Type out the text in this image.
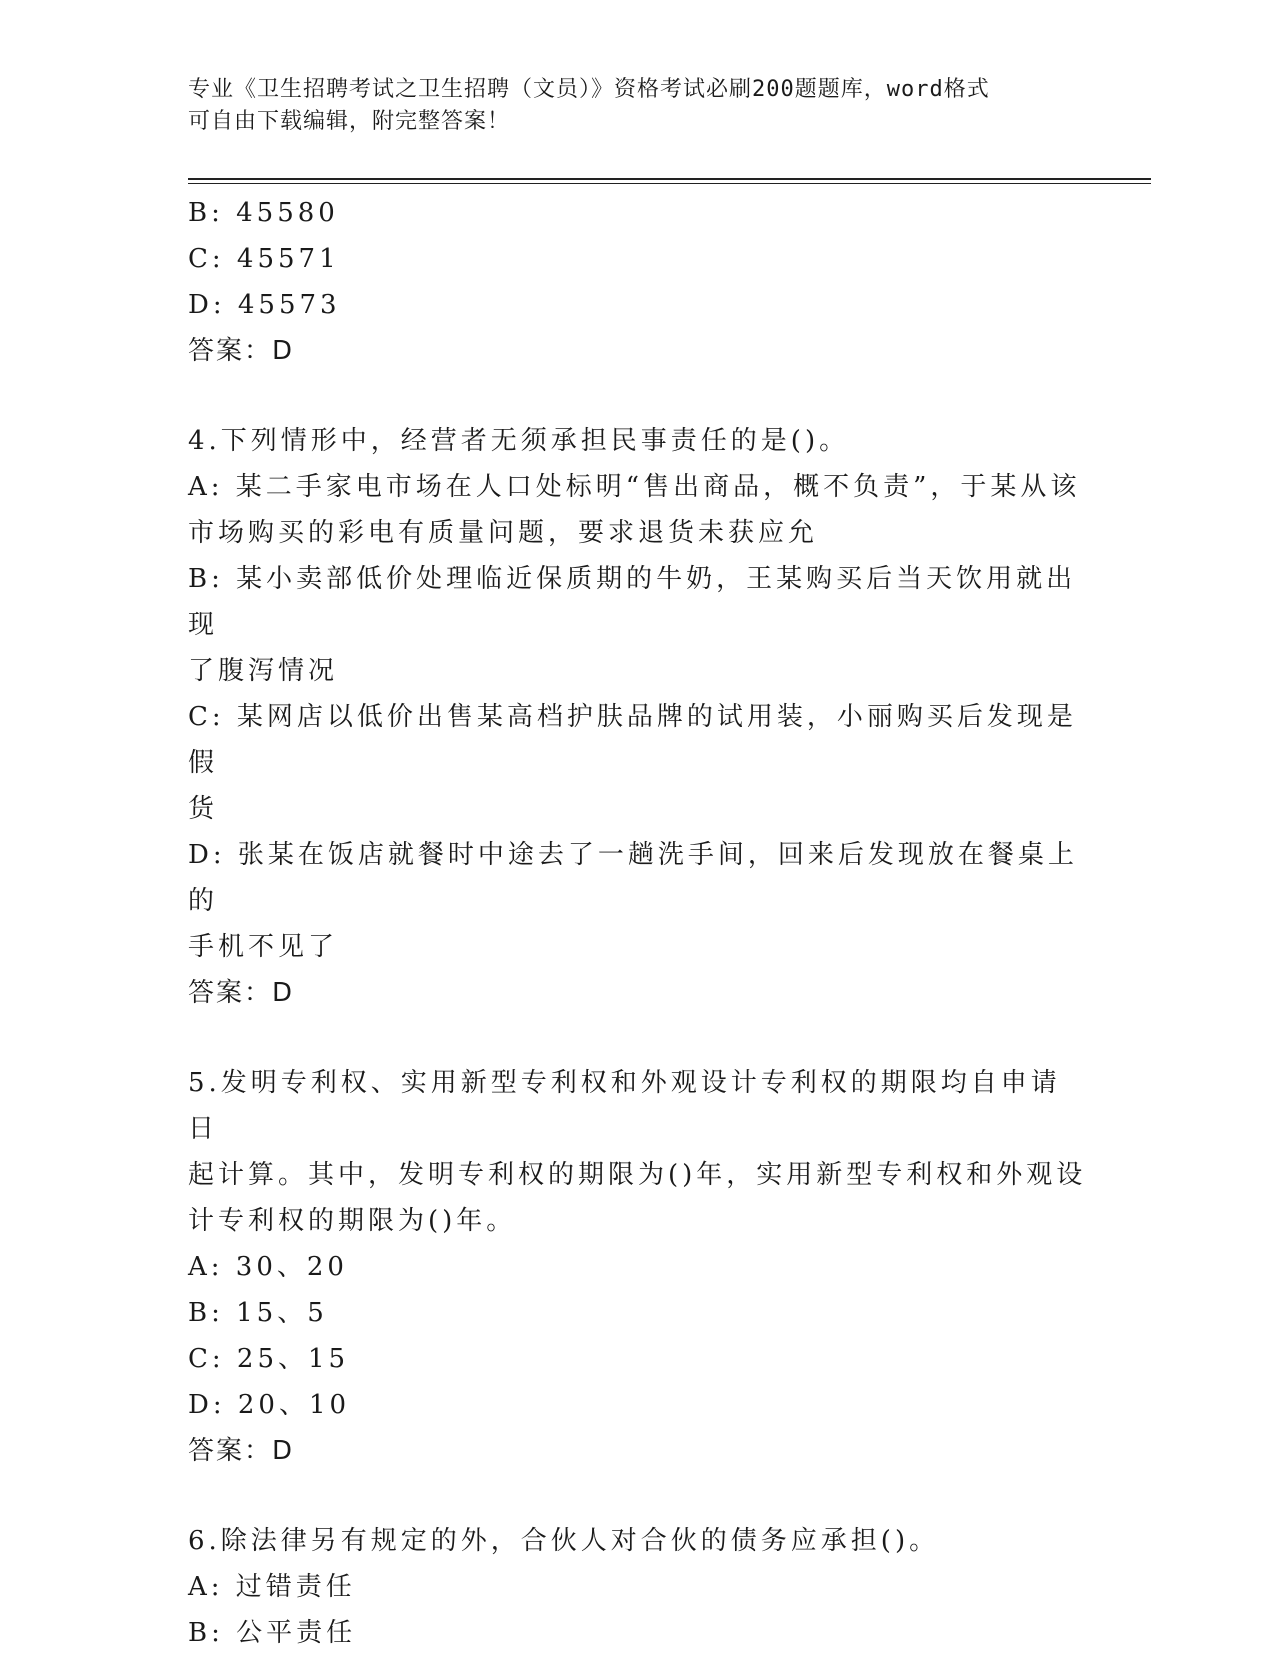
专业《卫生招聘考试之卫生招聘（文员）》资格考试必刷200题题库，word格式
可自由下载编辑，附完整答案！

B: 45580

C: 45571

D: 45573

答案：D

4.下列情形中，经营者无须承担民事责任的是()。

A: 某二手家电市场在人口处标明“售出商品，概不负责”，于某从该

市场购买的彩电有质量问题，要求退货未获应允

B: 某小卖部低价处理临近保质期的牛奶，王某购买后当天饮用就出现

了腹泻情况

C: 某网店以低价出售某高档护肤品牌的试用装，小丽购买后发现是假

货

D: 张某在饭店就餐时中途去了一趟洗手间，回来后发现放在餐桌上的

手机不见了

答案：D

5.发明专利权、实用新型专利权和外观设计专利权的期限均自申请日

起计算。其中，发明专利权的期限为()年，实用新型专利权和外观设

计专利权的期限为()年。

A: 30、20

B: 15、5

C: 25、15

D: 20、10

答案：D

6.除法律另有规定的外，合伙人对合伙的债务应承担()。

A: 过错责任

B: 公平责任
